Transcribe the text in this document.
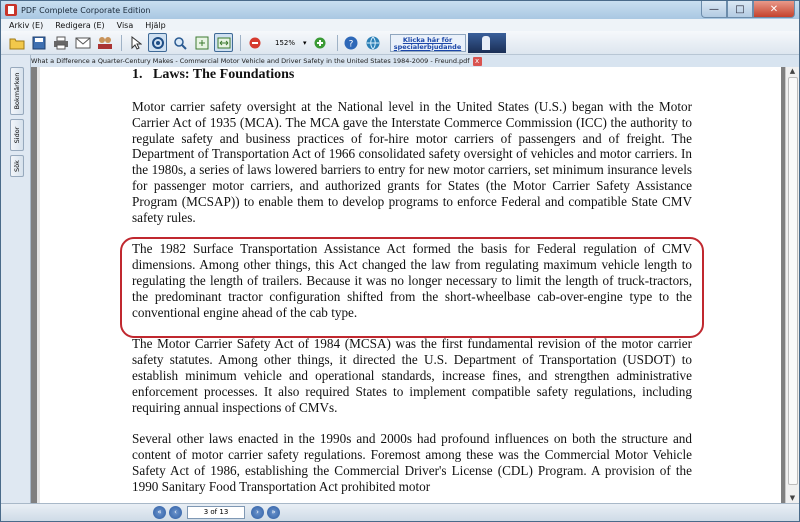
PDF Complete Corporate Edition	—	□	✕
Arkiv (E) Redigera (E) Visa Hjälp
152%	▾	?	Klicka här för specialerbjudande
Bokmärken
Sidor
Sök
What a Difference a Quarter-Century Makes - Commercial Motor Vehicle and Driver Safety in the United States 1984-2009 - Freund.pdf x
1.   Laws: The Foundations

Motor carrier safety oversight at the National level in the United States (U.S.) began with the Motor Carrier Act of 1935 (MCA). The MCA gave the Interstate Commerce Commission (ICC) the authority to regulate safety and business practices of for-hire motor carriers of passengers and of freight. The Department of Transportation Act of 1966 consolidated safety oversight of vehicles and motor carriers. In the 1980s, a series of laws lowered barriers to entry for new motor carriers, set minimum insurance levels for passenger motor carriers, and authorized grants for States (the Motor Carrier Safety Assistance Program (MCSAP)) to enable them to develop programs to enforce Federal and compatible State CMV safety rules.

The 1982 Surface Transportation Assistance Act formed the basis for Federal regulation of CMV dimensions. Among other things, this Act changed the law from regulating maximum vehicle length to regulating the length of trailers. Because it was no longer necessary to limit the length of truck-tractors, the predominant tractor configuration shifted from the short-wheelbase cab-over-engine type to the conventional engine ahead of the cab type.

The Motor Carrier Safety Act of 1984 (MCSA) was the first fundamental revision of the motor carrier safety statutes. Among other things, it directed the U.S. Department of Transportation (USDOT) to establish minimum vehicle and operational standards, increase fines, and strengthen administrative enforcement processes. It also required States to implement compatible safety regulations, including requiring annual inspections of CMVs.

Several other laws enacted in the 1990s and 2000s had profound influences on both the structure and content of motor carrier safety regulations. Foremost among these was the Commercial Motor Vehicle Safety Act of 1986, establishing the Commercial Driver's License (CDL) Program. A provision of the 1990 Sanitary Food Transportation Act prohibited motor

▲
▼
«	‹	3 of 13	›	»
